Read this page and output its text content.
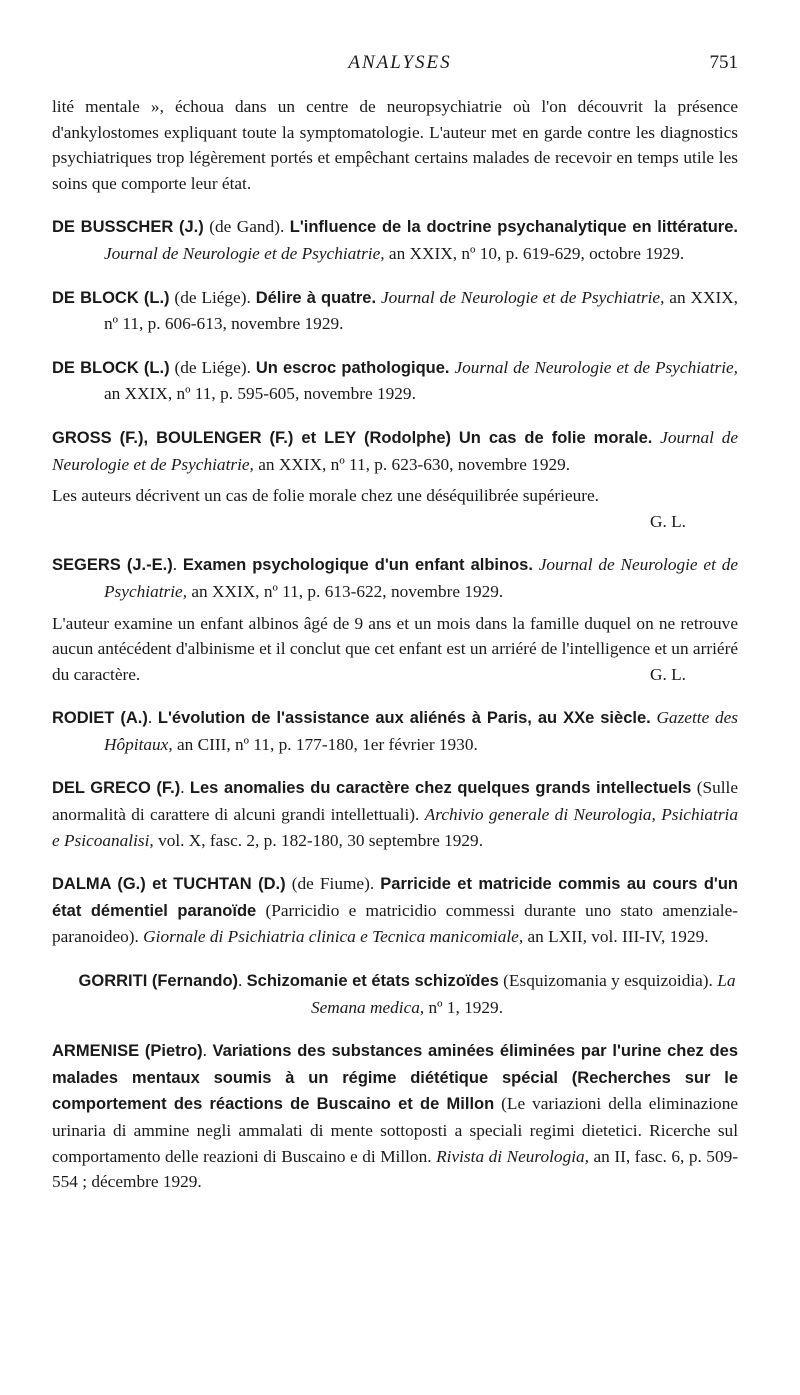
ANALYSES	751

lité mentale », échoua dans un centre de neuropsychiatrie où l'on découvrit la présence d'ankylostomes expliquant toute la symptomatologie. L'auteur met en garde contre les diagnostics psychiatriques trop légèrement portés et empêchant certains malades de recevoir en temps utile les soins que comporte leur état.

DE BUSSCHER (J.) (de Gand). L'influence de la doctrine psychanalytique en littérature. Journal de Neurologie et de Psychiatrie, an XXIX, nº 10, p. 619-629, octobre 1929.

DE BLOCK (L.) (de Liége). Délire à quatre. Journal de Neurologie et de Psychiatrie, an XXIX, nº 11, p. 606-613, novembre 1929.

DE BLOCK (L.) (de Liége). Un escroc pathologique. Journal de Neurologie et de Psychiatrie, an XXIX, nº 11, p. 595-605, novembre 1929.

GROSS (F.), BOULENGER (F.) et LEY (Rodolphe) Un cas de folie morale. Journal de Neurologie et de Psychiatrie, an XXIX, nº 11, p. 623-630, novembre 1929.

Les auteurs décrivent un cas de folie morale chez une déséquilibrée supérieure.

G. L.

SEGERS (J.-E.). Examen psychologique d'un enfant albinos. Journal de Neurologie et de Psychiatrie, an XXIX, nº 11, p. 613-622, novembre 1929.

L'auteur examine un enfant albinos âgé de 9 ans et un mois dans la famille duquel on ne retrouve aucun antécédent d'albinisme et il conclut que cet enfant est un arriéré de l'intelligence et un arriéré du caractère.	G. L.

RODIET (A.). L'évolution de l'assistance aux aliénés à Paris, au XXe siècle. Gazette des Hôpitaux, an CIII, nº 11, p. 177-180, 1er février 1930.

DEL GRECO (F.). Les anomalies du caractère chez quelques grands intellectuels (Sulle anormalità di carattere di alcuni grandi intellettuali). Archivio generale di Neurologia, Psichiatria e Psicoanalisi, vol. X, fasc. 2, p. 182-180, 30 septembre 1929.

DALMA (G.) et TUCHTAN (D.) (de Fiume). Parricide et matricide commis au cours d'un état démentiel paranoïde (Parricidio e matricidio commessi durante uno stato amenziale-paranoideo). Giornale di Psichiatria clinica e Tecnica manicomiale, an LXII, vol. III-IV, 1929.

GORRITI (Fernando). Schizomanie et états schizoïdes (Esquizomania y esquizoidia). La Semana medica, nº 1, 1929.

ARMENISE (Pietro). Variations des substances aminées éliminées par l'urine chez des malades mentaux soumis à un régime diététique spécial (Recherches sur le comportement des réactions de Buscaino et de Millon (Le variazioni della eliminazione urinaria di ammine negli ammalati di mente sottoposti a speciali regimi dietetici. Ricerche sul comportamento delle reazioni di Buscaino e di Millon. Rivista di Neurologia, an II, fasc. 6, p. 509-554 ; décembre 1929.
